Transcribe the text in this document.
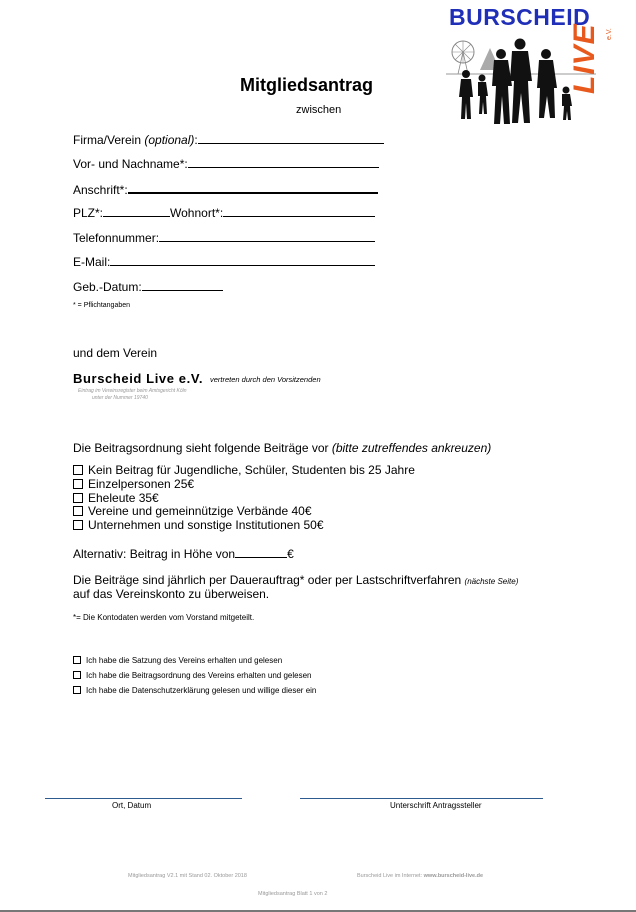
BURSCHEID
LIVE e.V.
Mitgliedsantrag
zwischen
Firma/Verein (optional):
Vor- und Nachname*:
Anschrift*:
PLZ*:	Wohnort*:
Telefonnummer:
E-Mail:
Geb.-Datum:
* = Pflichtangaben
und dem Verein
Burscheid Live e.V. vertreten durch den Vorsitzenden
Eintrag im Vereinsregister beim Amtsgericht Köln
unter der Nummer 19740
Die Beitragsordnung sieht folgende Beiträge vor (bitte zutreffendes ankreuzen)
Kein Beitrag für Jugendliche, Schüler, Studenten bis 25 Jahre
Einzelpersonen 25€
Eheleute 35€
Vereine und gemeinnützige Verbände 40€
Unternehmen und sonstige Institutionen 50€
Alternativ: Beitrag in Höhe von	€
Die Beiträge sind jährlich per Dauerauftrag* oder per Lastschriftverfahren (nächste Seite)
auf das Vereinskonto zu überweisen.
*= Die Kontodaten werden vom Vorstand mitgeteilt.
Ich habe die Satzung des Vereins erhalten und gelesen
Ich habe die Beitragsordnung des Vereins erhalten und gelesen
Ich habe die Datenschutzerklärung gelesen und willige dieser ein
Ort, Datum	Unterschrift Antragssteller
Mitgliedsantrag V2.1 mit Stand 02. Oktober 2018	Burscheid Live im Internet: www.burscheid-live.de
Mitgliedsantrag Blatt 1 von 2
